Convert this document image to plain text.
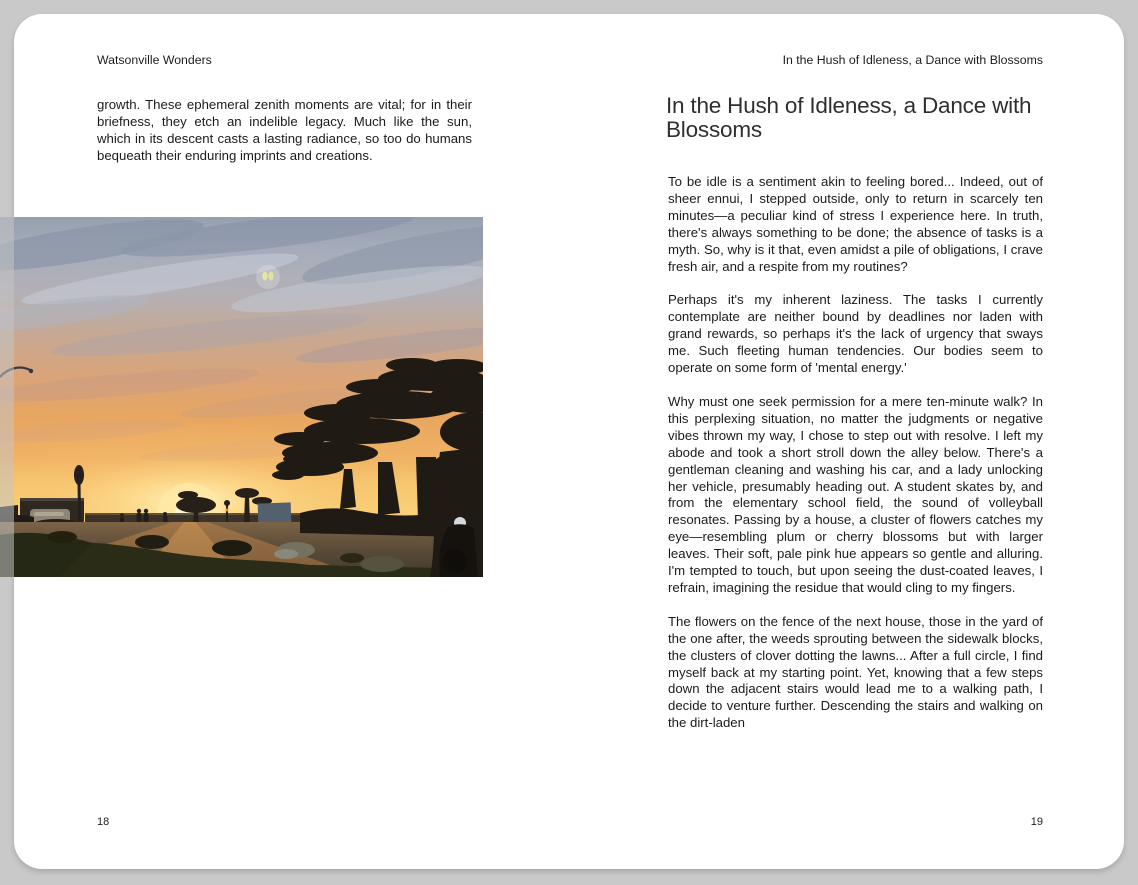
Watsonville Wonders

growth. These ephemeral zenith moments are vital; for in their briefness, they etch an indelible legacy. Much like the sun, which in its descent casts a lasting radiance, so too do humans bequeath their enduring imprints and creations.

18
In the Hush of Idleness, a Dance with Blossoms
In the Hush of Idleness, a Dance with Blossoms

To be idle is a sentiment akin to feeling bored... Indeed, out of sheer ennui, I stepped outside, only to return in scarcely ten minutes—a peculiar kind of stress I experience here. In truth, there's always something to be done; the absence of tasks is a myth. So, why is it that, even amidst a pile of obligations, I crave fresh air, and a respite from my routines?

Perhaps it's my inherent laziness. The tasks I currently contemplate are neither bound by deadlines nor laden with grand rewards, so perhaps it's the lack of urgency that sways me. Such fleeting human tendencies. Our bodies seem to operate on some form of 'mental energy.'

Why must one seek permission for a mere ten-minute walk? In this perplexing situation, no matter the judgments or negative vibes thrown my way, I chose to step out with resolve. I left my abode and took a short stroll down the alley below. There's a gentleman cleaning and washing his car, and a lady unlocking her vehicle, presumably heading out. A student skates by, and from the elementary school field, the sound of volleyball resonates. Passing by a house, a cluster of flowers catches my eye—resembling plum or cherry blossoms but with larger leaves. Their soft, pale pink hue appears so gentle and alluring. I'm tempted to touch, but upon seeing the dust-coated leaves, I refrain, imagining the residue that would cling to my fingers.

The flowers on the fence of the next house, those in the yard of the one after, the weeds sprouting between the sidewalk blocks, the clusters of clover dotting the lawns... After a full circle, I find myself back at my starting point. Yet, knowing that a few steps down the adjacent stairs would lead me to a walking path, I decide to venture further. Descending the stairs and walking on the dirt-laden

19
